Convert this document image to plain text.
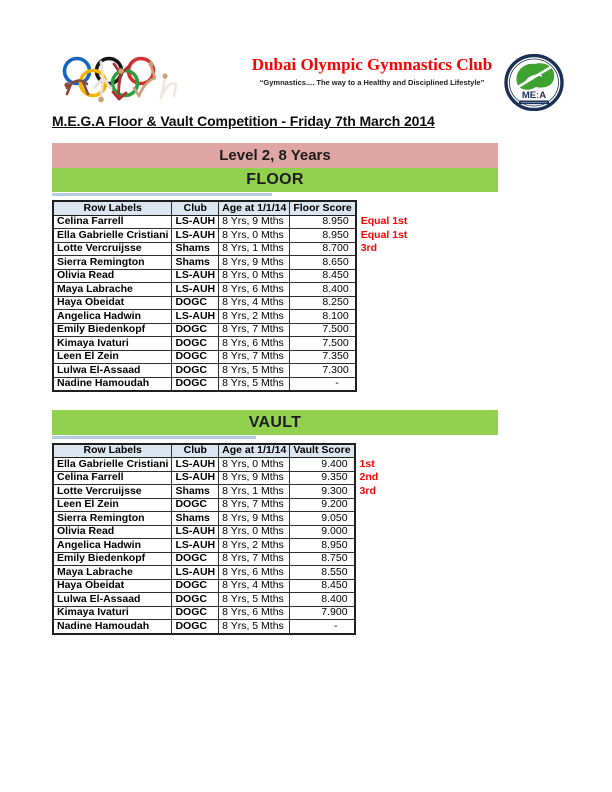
Dubai Olympic Gymnastics Club
“Gymnastics.... The way to a Healthy and Disciplined Lifestyle”
ME:A
M.E.G.A Floor & Vault Competition - Friday 7th March 2014
Level 2, 8 Years
FLOOR
Row Labels	Club	Age at 1/1/14	Floor Score	
Celina Farrell	LS-AUH	8 Yrs, 9 Mths	8.950	Equal 1st
Ella Gabrielle Cristiani	LS-AUH	8 Yrs, 0 Mths	8.950	Equal 1st
Lotte Vercruijsse	Shams	8 Yrs, 1 Mths	8.700	3rd
Sierra Remington	Shams	8 Yrs, 9 Mths	8.650	
Olivia Read	LS-AUH	8 Yrs, 0 Mths	8.450	
Maya Labrache	LS-AUH	8 Yrs, 6 Mths	8.400	
Haya Obeidat	DOGC	8 Yrs, 4 Mths	8.250	
Angelica Hadwin	LS-AUH	8 Yrs, 2 Mths	8.100	
Emily Biedenkopf	DOGC	8 Yrs, 7 Mths	7.500	
Kimaya Ivaturi	DOGC	8 Yrs, 6 Mths	7.500	
Leen El Zein	DOGC	8 Yrs, 7 Mths	7.350	
Lulwa El-Assaad	DOGC	8 Yrs, 5 Mths	7.300	
Nadine Hamoudah	DOGC	8 Yrs, 5 Mths	-	
VAULT
Row Labels	Club	Age at 1/1/14	Vault Score	
Ella Gabrielle Cristiani	LS-AUH	8 Yrs, 0 Mths	9.400	1st
Celina Farrell	LS-AUH	8 Yrs, 9 Mths	9.350	2nd
Lotte Vercruijsse	Shams	8 Yrs, 1 Mths	9.300	3rd
Leen El Zein	DOGC	8 Yrs, 7 Mths	9.200	
Sierra Remington	Shams	8 Yrs, 9 Mths	9.050	
Olivia Read	LS-AUH	8 Yrs, 0 Mths	9.000	
Angelica Hadwin	LS-AUH	8 Yrs, 2 Mths	8.950	
Emily Biedenkopf	DOGC	8 Yrs, 7 Mths	8.750	
Maya Labrache	LS-AUH	8 Yrs, 6 Mths	8.550	
Haya Obeidat	DOGC	8 Yrs, 4 Mths	8.450	
Lulwa El-Assaad	DOGC	8 Yrs, 5 Mths	8.400	
Kimaya Ivaturi	DOGC	8 Yrs, 6 Mths	7.900	
Nadine Hamoudah	DOGC	8 Yrs, 5 Mths	-	
